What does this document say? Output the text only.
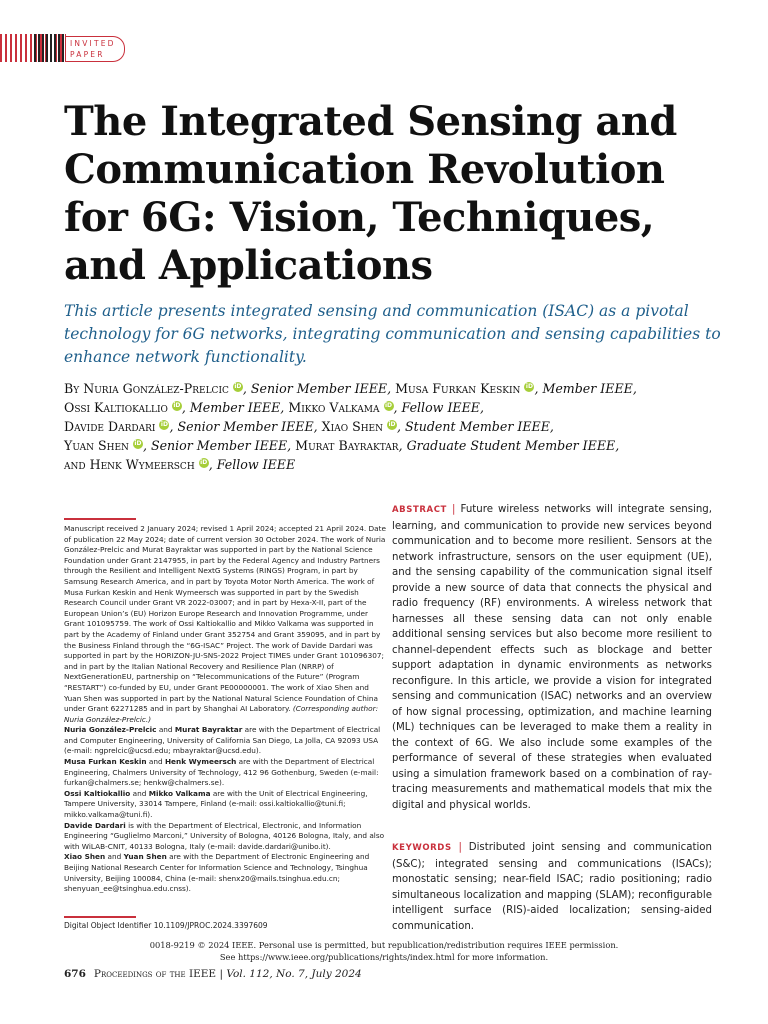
INVITED
PAPER
The Integrated Sensing and Communication Revolution for 6G: Vision, Techniques, and Applications
This article presents integrated sensing and communication (ISAC) as a pivotal technology for 6G networks, integrating communication and sensing capabilities to enhance network functionality.
By Nuria González-Prelcic iD, Senior Member IEEE, Musa Furkan Keskin iD, Member IEEE,
Ossi Kaltiokallio iD, Member IEEE, Mikko Valkama iD, Fellow IEEE,
Davide Dardari iD, Senior Member IEEE, Xiao Shen iD, Student Member IEEE,
Yuan Shen iD, Senior Member IEEE, Murat Bayraktar, Graduate Student Member IEEE,
and Henk Wymeersch iD, Fellow IEEE

Manuscript received 2 January 2024; revised 1 April 2024; accepted 21 April 2024. Date of publication 22 May 2024; date of current version 30 October 2024. The work of Nuria González-Prelcic and Murat Bayraktar was supported in part by the National Science Foundation under Grant 2147955, in part by the Federal Agency and Industry Partners through the Resilient and Intelligent NextG Systems (RINGS) Program, in part by Samsung Research America, and in part by Toyota Motor North America. The work of Musa Furkan Keskin and Henk Wymeersch was supported in part by the Swedish Research Council under Grant VR 2022-03007; and in part by Hexa-X-II, part of the European Union’s (EU) Horizon Europe Research and Innovation Programme, under Grant 101095759. The work of Ossi Kaltiokallio and Mikko Valkama was supported in part by the Academy of Finland under Grant 352754 and Grant 359095, and in part by the Business Finland through the “6G-ISAC” Project. The work of Davide Dardari was supported in part by the HORIZON-JU-SNS-2022 Project TIMES under Grant 101096307; and in part by the Italian National Recovery and Resilience Plan (NRRP) of NextGenerationEU, partnership on “Telecommunications of the Future” (Program “RESTART”) co-funded by EU, under Grant PE00000001. The work of Xiao Shen and Yuan Shen was supported in part by the National Natural Science Foundation of China under Grant 62271285 and in part by Shanghai AI Laboratory. (Corresponding author: Nuria González-Prelcic.)

Nuria González-Prelcic and Murat Bayraktar are with the Department of Electrical and Computer Engineering, University of California San Diego, La Jolla, CA 92093 USA (e-mail: ngprelcic@ucsd.edu; mbayraktar@ucsd.edu).

Musa Furkan Keskin and Henk Wymeersch are with the Department of Electrical Engineering, Chalmers University of Technology, 412 96 Gothenburg, Sweden (e-mail: furkan@chalmers.se; henkw@chalmers.se).

Ossi Kaltiokallio and Mikko Valkama are with the Unit of Electrical Engineering, Tampere University, 33014 Tampere, Finland (e-mail: ossi.kaltiokallio@tuni.fi; mikko.valkama@tuni.fi).

Davide Dardari is with the Department of Electrical, Electronic, and Information Engineering “Guglielmo Marconi,” University of Bologna, 40126 Bologna, Italy, and also with WiLAB-CNIT, 40133 Bologna, Italy (e-mail: davide.dardari@unibo.it).

Xiao Shen and Yuan Shen are with the Department of Electronic Engineering and Beijing National Research Center for Information Science and Technology, Tsinghua University, Beijing 100084, China (e-mail: shenx20@mails.tsinghua.edu.cn; shenyuan_ee@tsinghua.edu.cnss).

Digital Object Identifier 10.1109/JPROC.2024.3397609
ABSTRACT | Future wireless networks will integrate sensing, learning, and communication to provide new services beyond communication and to become more resilient. Sensors at the network infrastructure, sensors on the user equipment (UE), and the sensing capability of the communication signal itself provide a new source of data that connects the physical and radio frequency (RF) environments. A wireless network that harnesses all these sensing data can not only enable additional sensing services but also become more resilient to channel-dependent effects such as blockage and better support adaptation in dynamic environments as networks reconfigure. In this article, we provide a vision for integrated sensing and communication (ISAC) networks and an overview of how signal processing, optimization, and machine learning (ML) techniques can be leveraged to make them a reality in the context of 6G. We also include some examples of the performance of several of these strategies when evaluated using a simulation framework based on a combination of ray-tracing measurements and mathematical models that mix the digital and physical worlds.
KEYWORDS | Distributed joint sensing and communication (S&C); integrated sensing and communications (ISACs); monostatic sensing; near-field ISAC; radio positioning; radio simultaneous localization and mapping (SLAM); reconfigurable intelligent surface (RIS)-aided localization; sensing-aided communication.
0018-9219 © 2024 IEEE. Personal use is permitted, but republication/redistribution requires IEEE permission.
See https://www.ieee.org/publications/rights/index.html for more information.
676 Proceedings of the IEEE | Vol. 112, No. 7, July 2024
